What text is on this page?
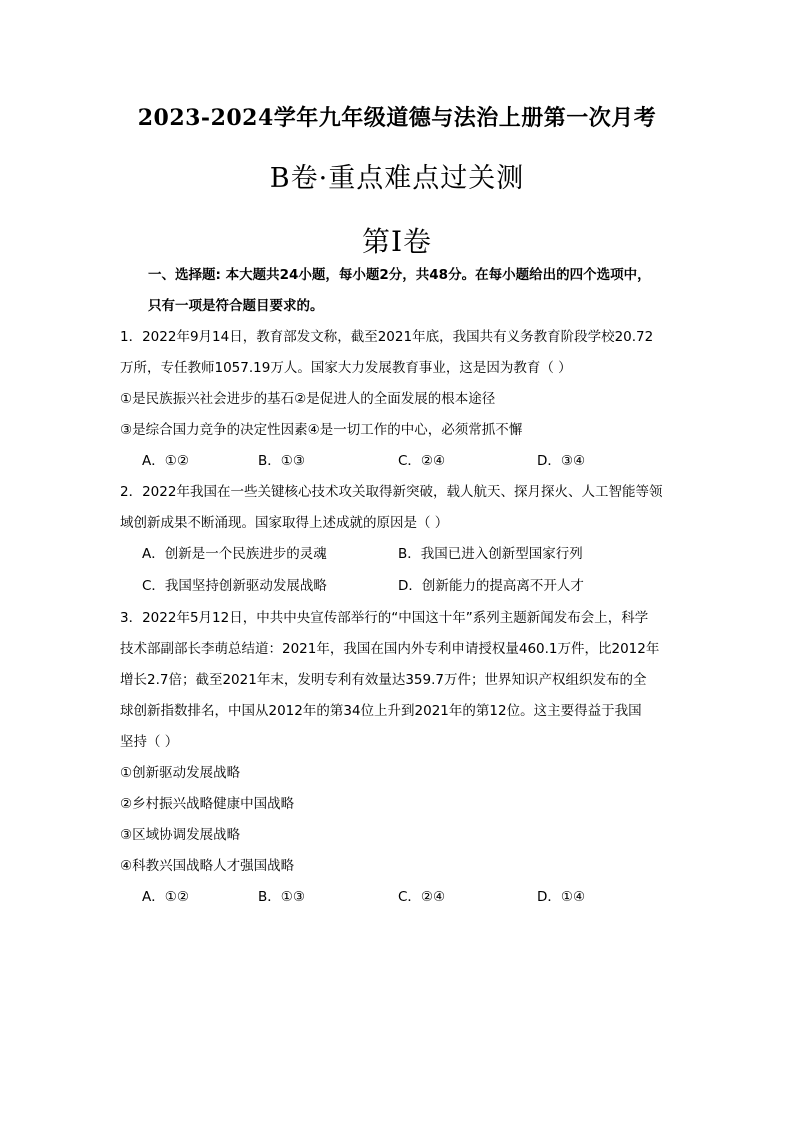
2023-2024学年九年级道德与法治上册第一次月考
B卷·重点难点过关测
第Ⅰ卷
一、选择题: 本大题共24小题，每小题2分，共48分。在每小题给出的四个选项中，
只有一项是符合题目要求的。
1．2022年9月14日，教育部发文称，截至2021年底，我国共有义务教育阶段学校20.72
万所，专任教师1057.19万人。国家大力发展教育事业，这是因为教育（ ）
①是民族振兴社会进步的基石②是促进人的全面发展的根本途径
③是综合国力竞争的决定性因素④是一切工作的中心，必须常抓不懈
A．①②	B．①③	C．②④	D．③④
2．2022年我国在一些关键核心技术攻关取得新突破，载人航天、探月探火、人工智能等领
域创新成果不断涌现。国家取得上述成就的原因是（ ）
A．创新是一个民族进步的灵魂	B．我国已进入创新型国家行列
C．我国坚持创新驱动发展战略	D．创新能力的提高离不开人才
3．2022年5月12日，中共中央宣传部举行的“中国这十年”系列主题新闻发布会上，科学
技术部副部长李萌总结道：2021年，我国在国内外专利申请授权量460.1万件，比2012年
增长2.7倍；截至2021年末，发明专利有效量达359.7万件；世界知识产权组织发布的全
球创新指数排名，中国从2012年的第34位上升到2021年的第12位。这主要得益于我国
坚持（ ）
①创新驱动发展战略
②乡村振兴战略健康中国战略
③区域协调发展战略
④科教兴国战略人才强国战略
A．①②	B．①③	C．②④	D．①④
